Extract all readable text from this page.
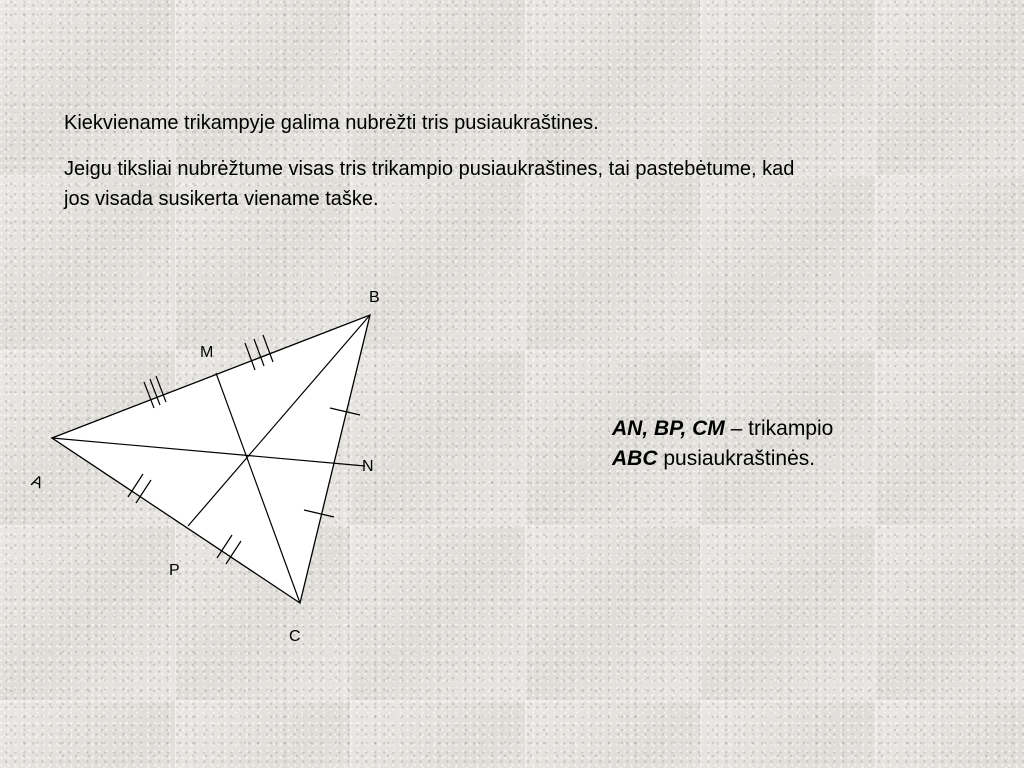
Kiekviename trikampyje galima nubrėžti tris pusiaukraštines.

Jeigu tiksliai nubrėžtume visas tris trikampio pusiaukraštines, tai pastebėtume, kad jos visada susikerta viename taške.

A
B
C
M
N
P

AN, BP, CM – trikampio
ABC pusiaukraštinės.
